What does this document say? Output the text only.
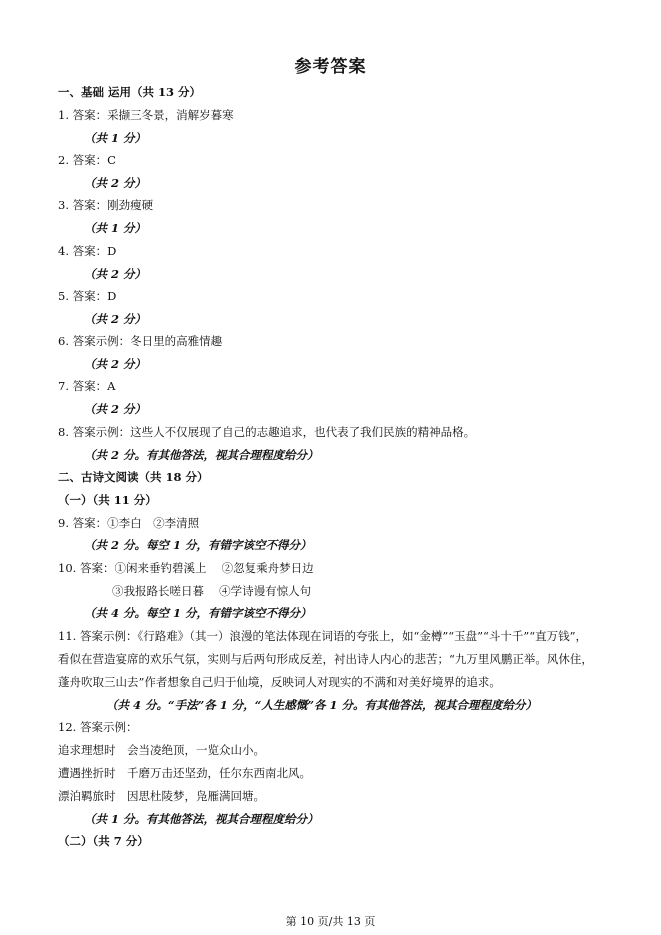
参考答案
一、基础 运用（共 13 分）
1. 答案：采撷三冬景，消解岁暮寒
（共 1 分）
2. 答案：C
（共 2 分）
3. 答案：刚劲瘦硬
（共 1 分）
4. 答案：D
（共 2 分）
5. 答案：D
（共 2 分）
6. 答案示例：冬日里的高雅情趣
（共 2 分）
7. 答案：A
（共 2 分）
8. 答案示例：这些人不仅展现了自己的志趣追求，也代表了我们民族的精神品格。
（共 2 分。有其他答法，视其合理程度给分）
二、古诗文阅读（共 18 分）
（一）（共 11 分）
9. 答案：①李白　②李清照
（共 2 分。每空 1 分，有错字该空不得分）
10. 答案：①闲来垂钓碧溪上　 ②忽复乘舟梦日边
③我报路长嗟日暮　 ④学诗谩有惊人句
（共 4 分。每空 1 分，有错字该空不得分）
11. 答案示例：《行路难》（其一）浪漫的笔法体现在词语的夸张上，如“金樽”“玉盘”“斗十千”“直万钱”，
看似在营造宴席的欢乐气氛，实则与后两句形成反差，衬出诗人内心的悲苦；“九万里风鹏正举。风休住，
蓬舟吹取三山去”作者想象自己归于仙境，反映词人对现实的不满和对美好境界的追求。
（共 4 分。“手法”各 1 分，“人生感慨”各 1 分。有其他答法，视其合理程度给分）
12. 答案示例：
追求理想时　会当凌绝顶，一览众山小。
遭遇挫折时　千磨万击还坚劲，任尔东西南北风。
漂泊羁旅时　因思杜陵梦，凫雁满回塘。
（共 1 分。有其他答法，视其合理程度给分）
（二）（共 7 分）
第 10 页/共 13 页
